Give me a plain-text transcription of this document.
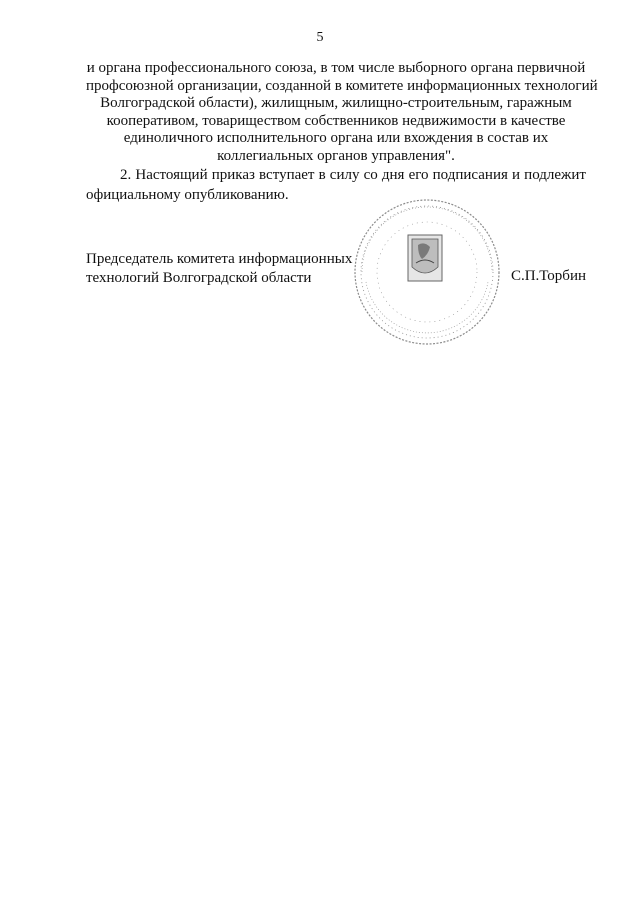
5
и органа профессионального союза, в том числе выборного органа первичной
профсоюзной организации, созданной в комитете информационных технологий
Волгоградской области), жилищным, жилищно-строительным, гаражным
кооперативом, товариществом собственников недвижимости в качестве
единоличного исполнительного органа или вхождения в состав их
коллегиальных органов управления".
2. Настоящий приказ вступает в силу со дня его подписания и подлежит
официальному опубликованию.
Председатель комитета информационных
технологий Волгоградской области	С.П.Торбин
